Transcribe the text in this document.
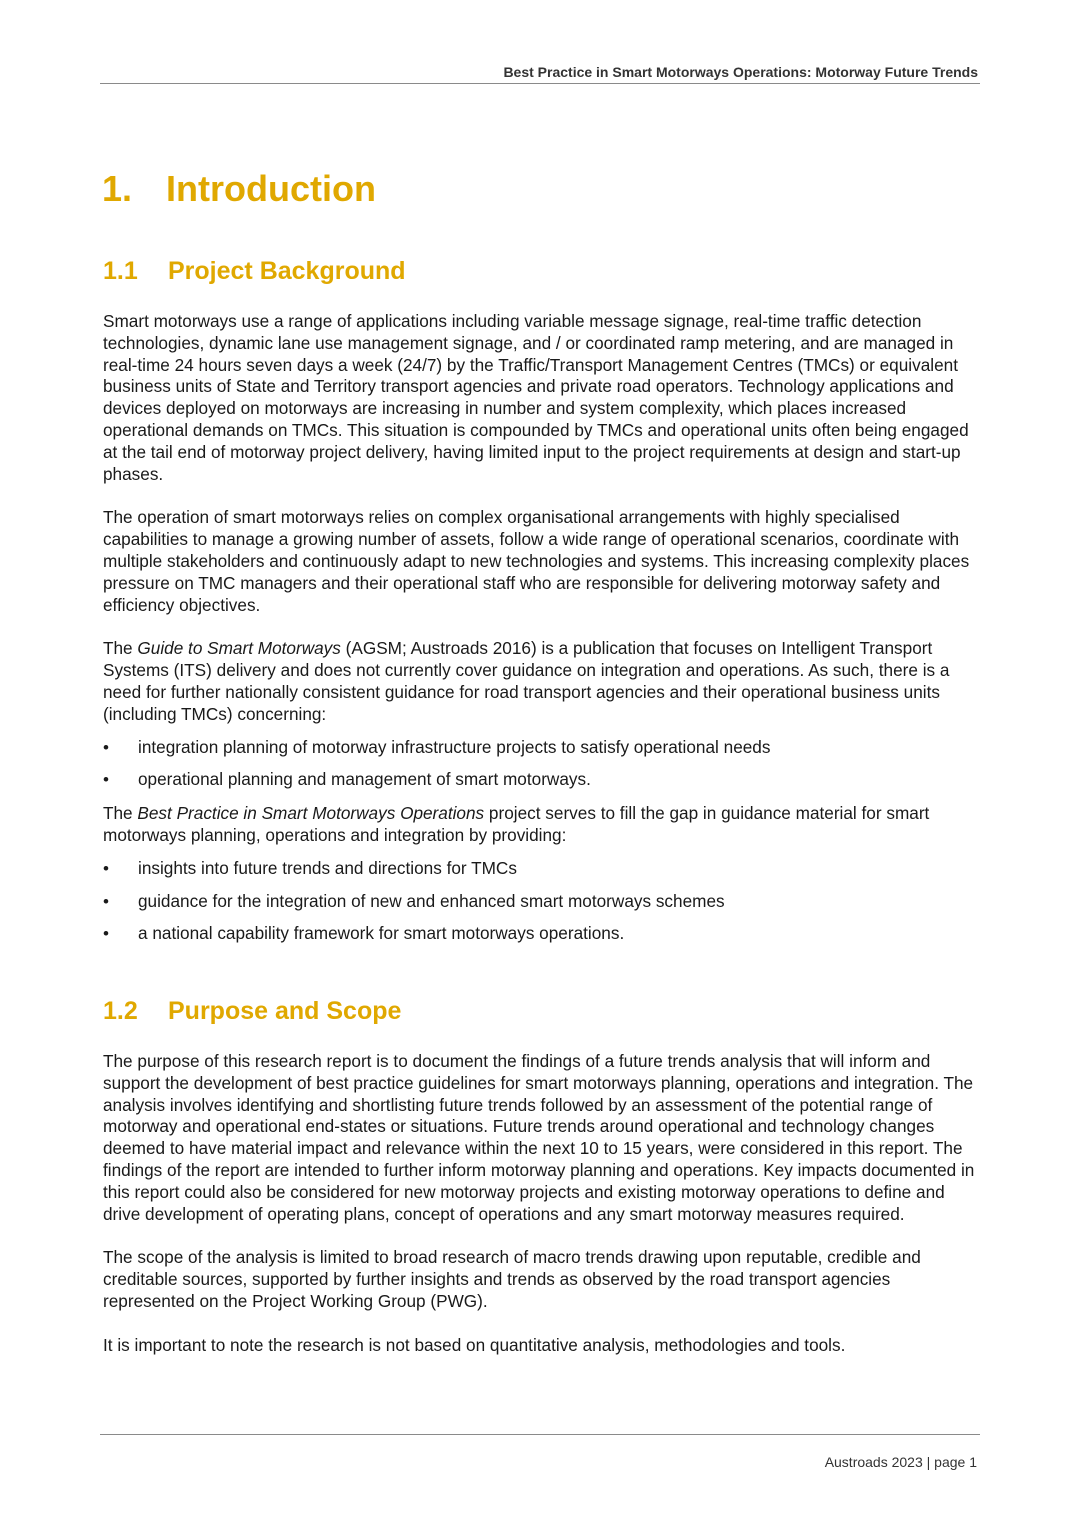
Best Practice in Smart Motorways Operations: Motorway Future Trends
1. Introduction
1.1	Project Background

Smart motorways use a range of applications including variable message signage, real-time traffic detection technologies, dynamic lane use management signage, and / or coordinated ramp metering, and are managed in real-time 24 hours seven days a week (24/7) by the Traffic/Transport Management Centres (TMCs) or equivalent business units of State and Territory transport agencies and private road operators. Technology applications and devices deployed on motorways are increasing in number and system complexity, which places increased operational demands on TMCs. This situation is compounded by TMCs and operational units often being engaged at the tail end of motorway project delivery, having limited input to the project requirements at design and start-up phases.

The operation of smart motorways relies on complex organisational arrangements with highly specialised capabilities to manage a growing number of assets, follow a wide range of operational scenarios, coordinate with multiple stakeholders and continuously adapt to new technologies and systems. This increasing complexity places pressure on TMC managers and their operational staff who are responsible for delivering motorway safety and efficiency objectives.

The Guide to Smart Motorways (AGSM; Austroads 2016) is a publication that focuses on Intelligent Transport Systems (ITS) delivery and does not currently cover guidance on integration and operations. As such, there is a need for further nationally consistent guidance for road transport agencies and their operational business units (including TMCs) concerning:

• integration planning of motorway infrastructure projects to satisfy operational needs
• operational planning and management of smart motorways.

The Best Practice in Smart Motorways Operations project serves to fill the gap in guidance material for smart motorways planning, operations and integration by providing:

• insights into future trends and directions for TMCs
• guidance for the integration of new and enhanced smart motorways schemes
• a national capability framework for smart motorways operations.
1.2	Purpose and Scope

The purpose of this research report is to document the findings of a future trends analysis that will inform and support the development of best practice guidelines for smart motorways planning, operations and integration. The analysis involves identifying and shortlisting future trends followed by an assessment of the potential range of motorway and operational end-states or situations. Future trends around operational and technology changes deemed to have material impact and relevance within the next 10 to 15 years, were considered in this report. The findings of the report are intended to further inform motorway planning and operations. Key impacts documented in this report could also be considered for new motorway projects and existing motorway operations to define and drive development of operating plans, concept of operations and any smart motorway measures required.

The scope of the analysis is limited to broad research of macro trends drawing upon reputable, credible and creditable sources, supported by further insights and trends as observed by the road transport agencies represented on the Project Working Group (PWG).

It is important to note the research is not based on quantitative analysis, methodologies and tools.

Austroads 2023 | page 1
